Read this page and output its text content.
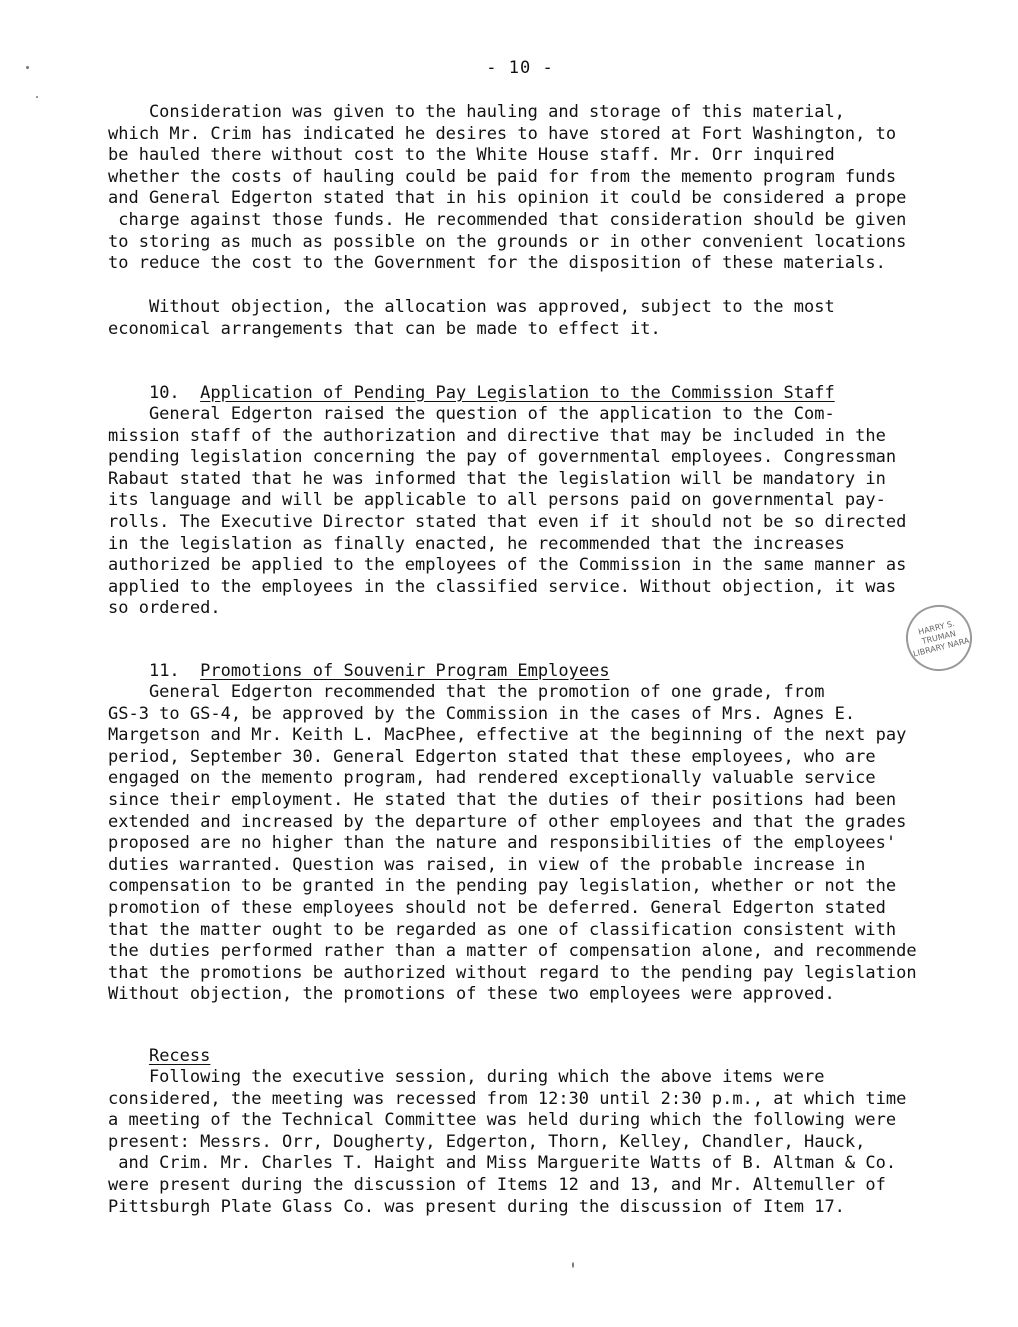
- 10 -
Consideration was given to the hauling and storage of this material,
which Mr. Crim has indicated he desires to have stored at Fort Washington, to
be hauled there without cost to the White House staff. Mr. Orr inquired
whether the costs of hauling could be paid for from the memento program funds
and General Edgerton stated that in his opinion it could be considered a prope
charge against those funds. He recommended that consideration should be given
to storing as much as possible on the grounds or in other convenient locations
to reduce the cost to the Government for the disposition of these materials.
Without objection, the allocation was approved, subject to the most
economical arrangements that can be made to effect it.

10. Application of Pending Pay Legislation to the Commission Staff

General Edgerton raised the question of the application to the Com-
mission staff of the authorization and directive that may be included in the
pending legislation concerning the pay of governmental employees. Congressman
Rabaut stated that he was informed that the legislation will be mandatory in
its language and will be applicable to all persons paid on governmental pay-
rolls. The Executive Director stated that even if it should not be so directed
in the legislation as finally enacted, he recommended that the increases
authorized be applied to the employees of the Commission in the same manner as
applied to the employees in the classified service. Without objection, it was
so ordered.

11. Promotions of Souvenir Program Employees

General Edgerton recommended that the promotion of one grade, from
GS-3 to GS-4, be approved by the Commission in the cases of Mrs. Agnes E.
Margetson and Mr. Keith L. MacPhee, effective at the beginning of the next pay
period, September 30. General Edgerton stated that these employees, who are
engaged on the memento program, had rendered exceptionally valuable service
since their employment. He stated that the duties of their positions had been
extended and increased by the departure of other employees and that the grades
proposed are no higher than the nature and responsibilities of the employees'
duties warranted. Question was raised, in view of the probable increase in
compensation to be granted in the pending pay legislation, whether or not the
promotion of these employees should not be deferred. General Edgerton stated
that the matter ought to be regarded as one of classification consistent with
the duties performed rather than a matter of compensation alone, and recommende
that the promotions be authorized without regard to the pending pay legislation
Without objection, the promotions of these two employees were approved.

Recess

Following the executive session, during which the above items were
considered, the meeting was recessed from 12:30 until 2:30 p.m., at which time
a meeting of the Technical Committee was held during which the following were
present: Messrs. Orr, Dougherty, Edgerton, Thorn, Kelley, Chandler, Hauck,
and Crim. Mr. Charles T. Haight and Miss Marguerite Watts of B. Altman & Co.
were present during the discussion of Items 12 and 13, and Mr. Altemuller of
Pittsburgh Plate Glass Co. was present during the discussion of Item 17.
HARRY S. TRUMAN LIBRARY NARA
